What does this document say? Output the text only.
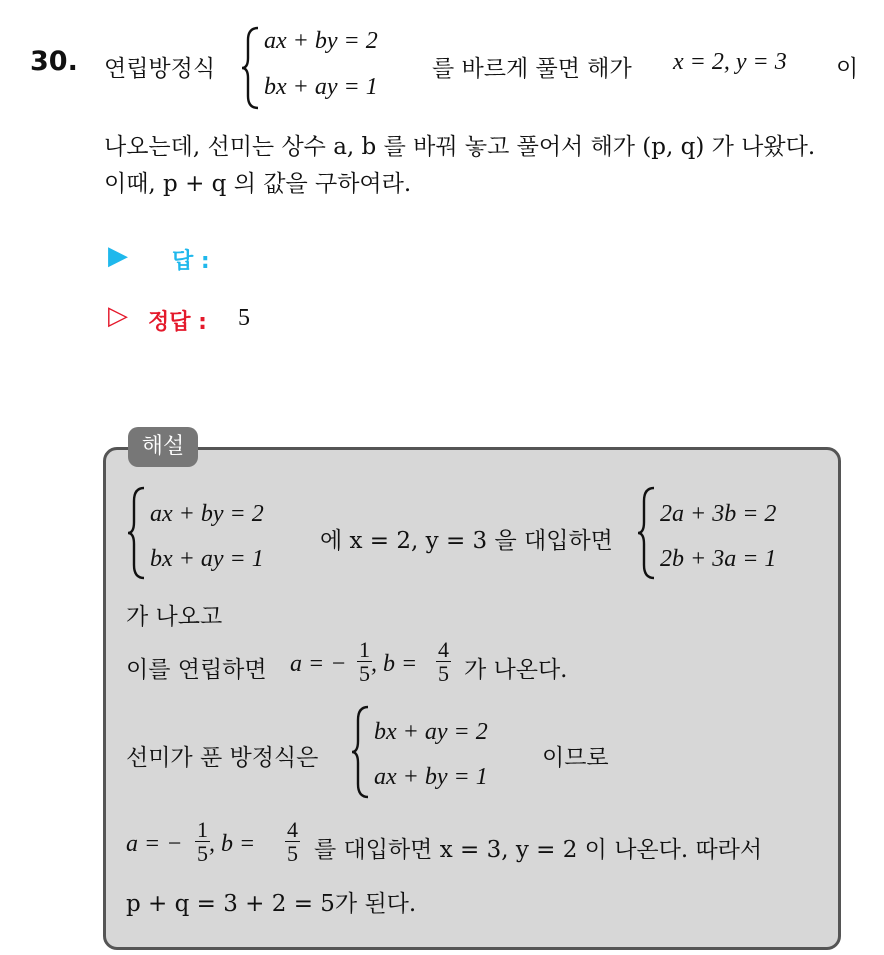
30. 연립방정식
ax + by = 2
bx + ay = 1
를 바르게 풀면 해가 x = 2, y = 3 이
나오는데, 선미는 상수 a, b 를 바꿔 놓고 풀어서 해가 (p, q) 가 나왔다.
이때, p + q 의 값을 구하여라.
▶ 답 :
▷ 정답 : 5
해설
ax + by = 2
bx + ay = 1
에 x = 2, y = 3 을 대입하면
2a + 3b = 2
2b + 3a = 1
가 나오고
이를 연립하면 a = − $\frac{1}{5}$ , $b = \frac{4}{5}$ 가 나온다.
선미가 푼 방정식은
bx + ay = 2
ax + by = 1
이므로
a = − $\frac{1}{5}$ , $b = \frac{4}{5}$ 를 대입하면 x = 3, y = 2 이 나온다. 따라서
p + q = 3 + 2 = 5가 된다.
